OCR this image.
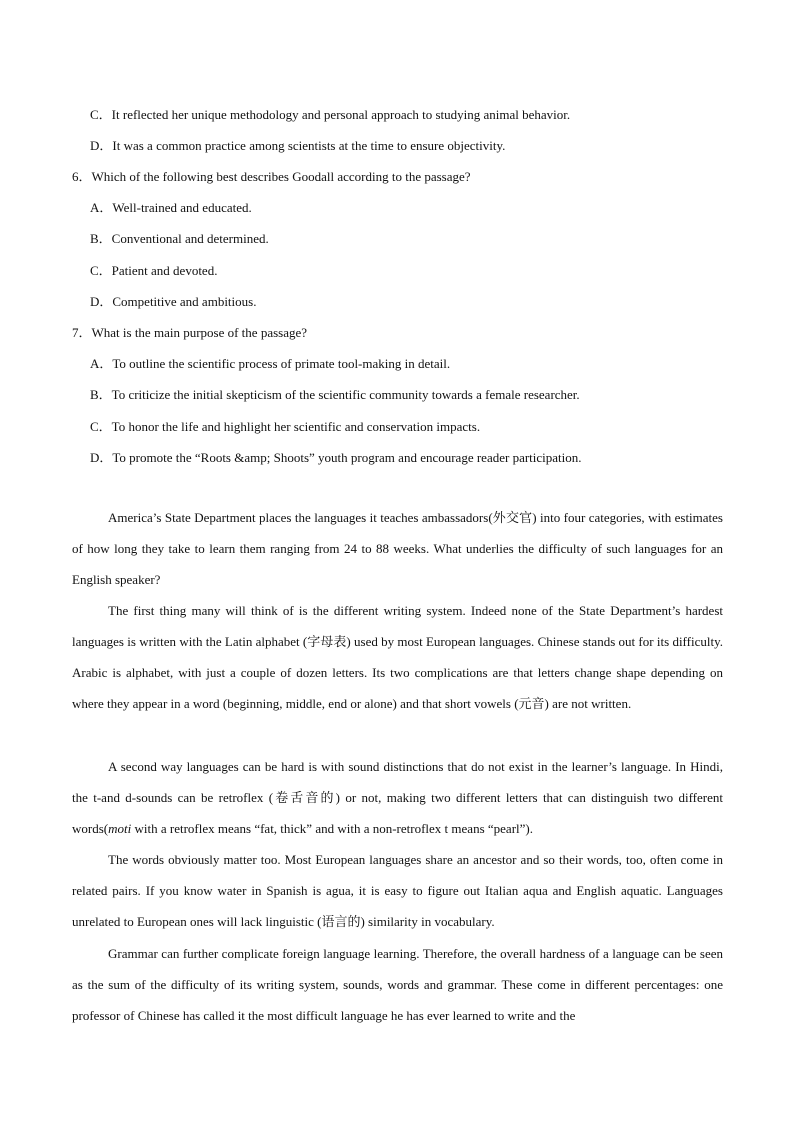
C．It reflected her unique methodology and personal approach to studying animal behavior.
D．It was a common practice among scientists at the time to ensure objectivity.
6．Which of the following best describes Goodall according to the passage?
A．Well-trained and educated.
B．Conventional and determined.
C．Patient and devoted.
D．Competitive and ambitious.
7．What is the main purpose of the passage?
A．To outline the scientific process of primate tool-making in detail.
B．To criticize the initial skepticism of the scientific community towards a female researcher.
C．To honor the life and highlight her scientific and conservation impacts.
D．To promote the “Roots &amp; Shoots” youth program and encourage reader participation.

America’s State Department places the languages it teaches ambassadors(外交官) into four categories, with estimates of how long they take to learn them ranging from 24 to 88 weeks. What underlies the difficulty of such languages for an English speaker?

The first thing many will think of is the different writing system. Indeed none of the State Department’s hardest languages is written with the Latin alphabet (字母表) used by most European languages. Chinese stands out for its difficulty. Arabic is alphabet, with just a couple of dozen letters. Its two complications are that letters change shape depending on where they appear in a word (beginning, middle, end or alone) and that short vowels (元音) are not written.

A second way languages can be hard is with sound distinctions that do not exist in the learner’s language. In Hindi, the t-and d-sounds can be retroflex (卷舌音的) or not, making two different letters that can distinguish two different words(moti with a retroflex means “fat, thick” and with a non-retroflex t means “pearl”).

The words obviously matter too. Most European languages share an ancestor and so their words, too, often come in related pairs. If you know water in Spanish is agua, it is easy to figure out Italian aqua and English aquatic. Languages unrelated to European ones will lack linguistic (语言的) similarity in vocabulary.

Grammar can further complicate foreign language learning. Therefore, the overall hardness of a language can be seen as the sum of the difficulty of its writing system, sounds, words and grammar. These come in different percentages: one professor of Chinese has called it the most difficult language he has ever learned to write and the
